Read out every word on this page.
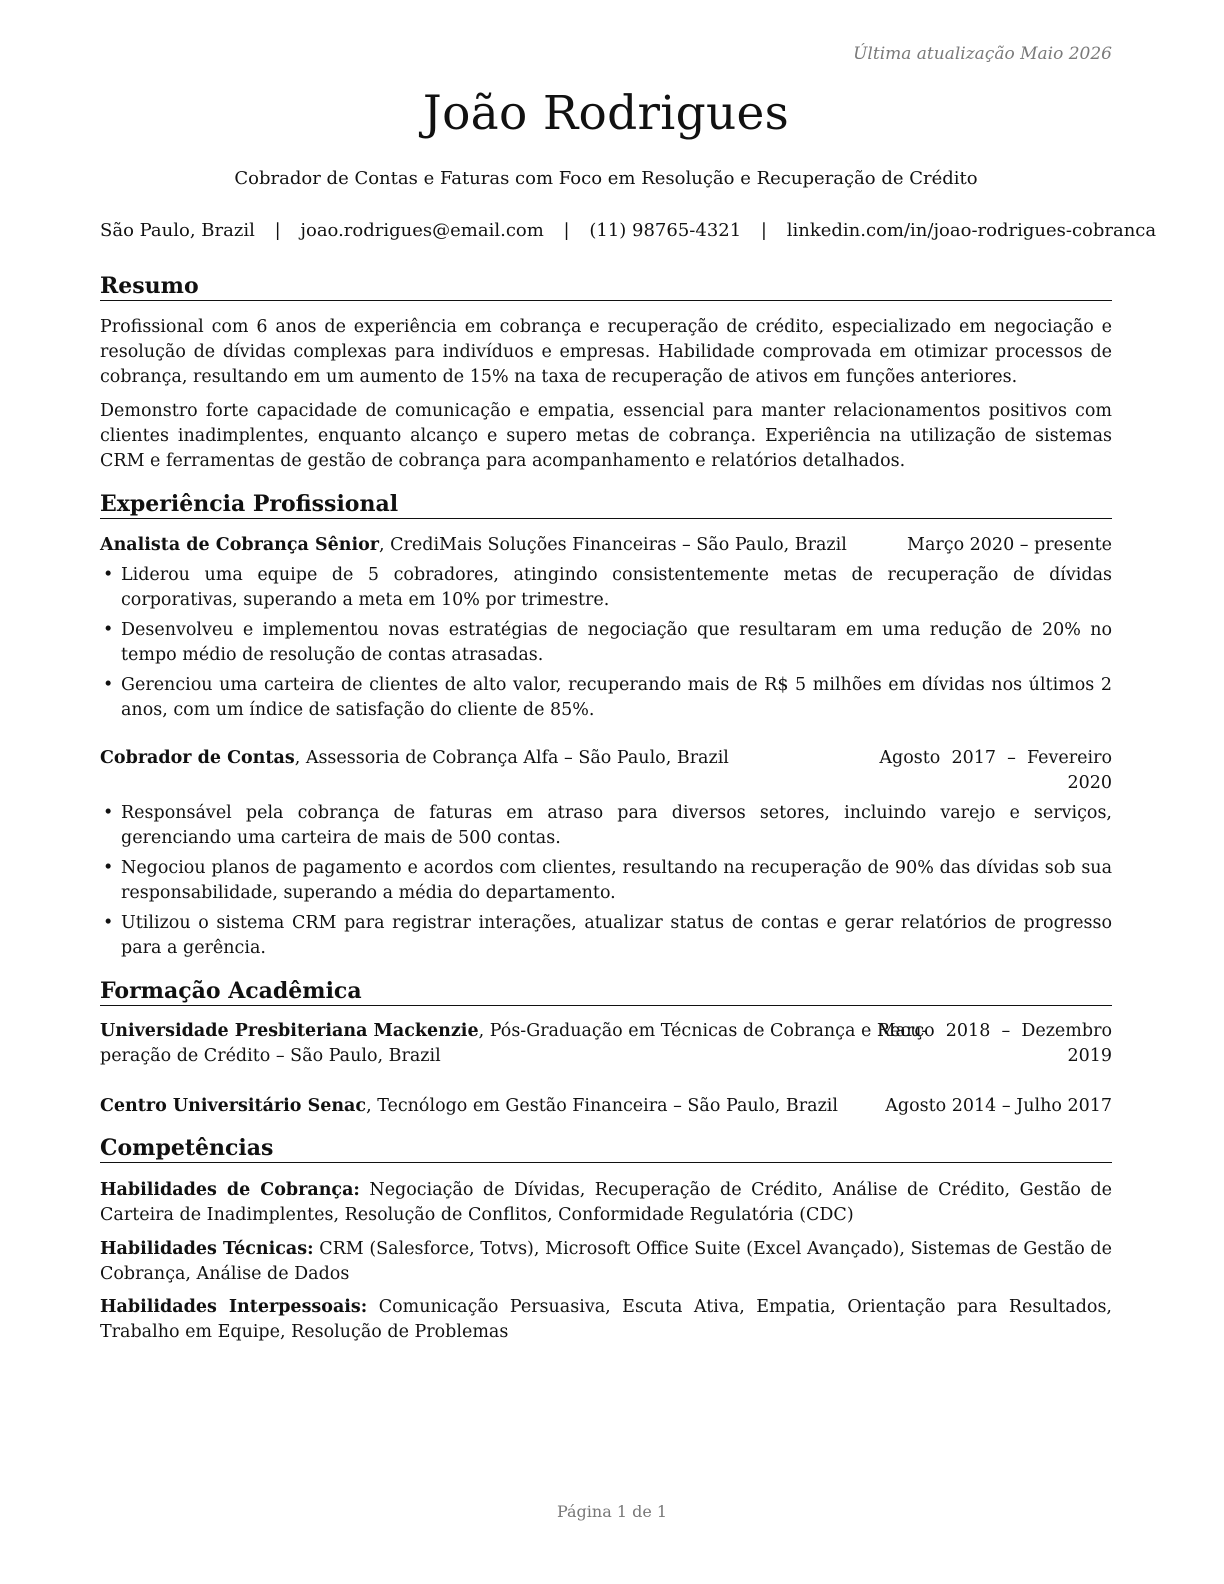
Última atualização Maio 2026
João Rodrigues
Cobrador de Contas e Faturas com Foco em Resolução e Recuperação de Crédito
São Paulo, Brazil | joao.rodrigues@email.com | (11) 98765-4321 | linkedin.com/in/joao-rodrigues-cobranca
Resumo
Profissional com 6 anos de experiência em cobrança e recuperação de crédito, especializado em negociação e resolução de dívidas complexas para indivíduos e empresas. Habilidade comprovada em otimizar processos de cobrança, resultando em um aumento de 15% na taxa de recuperação de ativos em funções anteriores.
Demonstro forte capacidade de comunicação e empatia, essencial para manter relacionamentos positivos com clientes inadimplentes, enquanto alcanço e supero metas de cobrança. Experiência na utilização de sistemas CRM e ferramentas de gestão de cobrança para acompanhamento e relatórios detalhados.
Experiência Profissional
Analista de Cobrança Sênior, CrediMais Soluções Financeiras – São Paulo, Brazil	Março 2020 – presente
• Liderou uma equipe de 5 cobradores, atingindo consistentemente metas de recuperação de dívidas corporativas, superando a meta em 10% por trimestre.
• Desenvolveu e implementou novas estratégias de negociação que resultaram em uma redução de 20% no tempo médio de resolução de contas atrasadas.
• Gerenciou uma carteira de clientes de alto valor, recuperando mais de R$ 5 milhões em dívidas nos últimos 2 anos, com um índice de satisfação do cliente de 85%.
Cobrador de Contas, Assessoria de Cobrança Alfa – São Paulo, Brazil	Agosto  2017  –  Fevereiro
2020
• Responsável pela cobrança de faturas em atraso para diversos setores, incluindo varejo e serviços, gerenciando uma carteira de mais de 500 contas.
• Negociou planos de pagamento e acordos com clientes, resultando na recuperação de 90% das dívidas sob sua responsabilidade, superando a média do departamento.
• Utilizou o sistema CRM para registrar interações, atualizar status de contas e gerar relatórios de progresso para a gerência.
Formação Acadêmica
Universidade Presbiteriana Mackenzie, Pós-Graduação em Técnicas de Cobrança e Recu-
peração de Crédito – São Paulo, Brazil
Março  2018  –  Dezembro
2019
Centro Universitário Senac, Tecnólogo em Gestão Financeira – São Paulo, Brazil	Agosto 2014 – Julho 2017
Competências
Habilidades de Cobrança: Negociação de Dívidas, Recuperação de Crédito, Análise de Crédito, Gestão de Carteira de Inadimplentes, Resolução de Conflitos, Conformidade Regulatória (CDC)
Habilidades Técnicas: CRM (Salesforce, Totvs), Microsoft Office Suite (Excel Avançado), Sistemas de Gestão de Cobrança, Análise de Dados
Habilidades Interpessoais: Comunicação Persuasiva, Escuta Ativa, Empatia, Orientação para Resultados, Trabalho em Equipe, Resolução de Problemas
Página 1 de 1
